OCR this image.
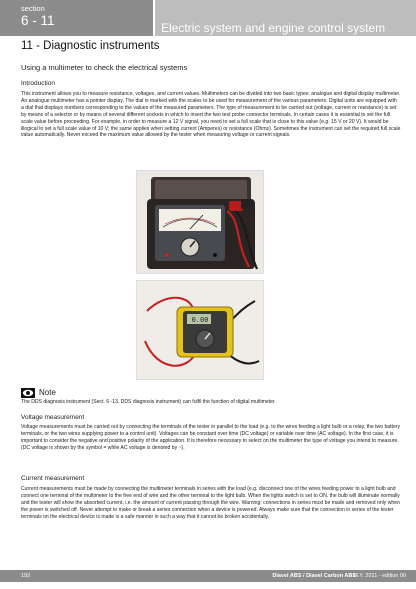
section
6 - 11	Electric system and engine control system
11 - Diagnostic instruments
Using a multimeter to check the electrical systems
Introduction
This instrument allows you to measure resistance, voltages, and current values. Multimeters can be divided into two basic types: analogue and digital display multimeter. An analogue multimeter has a pointer display. The dial is marked with the scales to be used for measurement of the various parameters. Digital units are equipped with a dial that displays numbers corresponding to the values of the measured parameters. The type of measurement to be carried out (voltage, current or resistance) is set by means of a selector or by means of several different sockets in which to insert the two test probe connector terminals. In certain cases it is essential to set the full scale value before proceeding. For example, in order to measure a 12 V signal, you need to set a full scale that is close to this value (e.g. 15 V or 20 V). It would be illogical to set a full scale value of 10 V; the same applies when setting current (Amperes) or resistance (Ohms). Sometimes the instrument can set the required full scale value automatically. Never exceed the maximum value allowed by the tester when measuring voltage or current signals.
0.00
Note
The DDS diagnosis instrument (Sect. 6 -13, DDS diagnosis instrument) can fulfil the function of digital multimeter.
Voltage measurement
Voltage measurements must be carried out by connecting the terminals of the tester in parallel to the load (e.g. to the wires feeding a light bulb or a relay, the two battery terminals, or the two wires supplying power to a control unit). Voltages can be constant over time (DC voltage) or variable over time (AC voltage). In the first case, it is important to consider the negative and positive polarity of the application. It is therefore necessary to select on the multimeter the type of voltage you intend to measure. (DC voltage is shown by the symbol = while AC voltage is denoted by ~).
Current measurement
Current measurements must be made by connecting the multimeter terminals in series with the load (e.g. disconnect one of the wires feeding power to a light bulb and connect one terminal of the multimeter to the free end of wire and the other terminal to the light bulb. When the lights switch is set to ON, the bulb will illuminate normally and the tester will show the absorbed current, i.e. the amount of current passing through the wire. Warning: connections in series must be made and removed only when the power is switched off. Never attempt to make or break a series connection when a device is powered. Always make sure that the connection in series of the tester terminals on the electrical device is made is a safe manner in such a way that it cannot be broken accidentally.
192	Diavel ABS / Diavel Carbon ABS
- M.Y. 2011 - edition 00
